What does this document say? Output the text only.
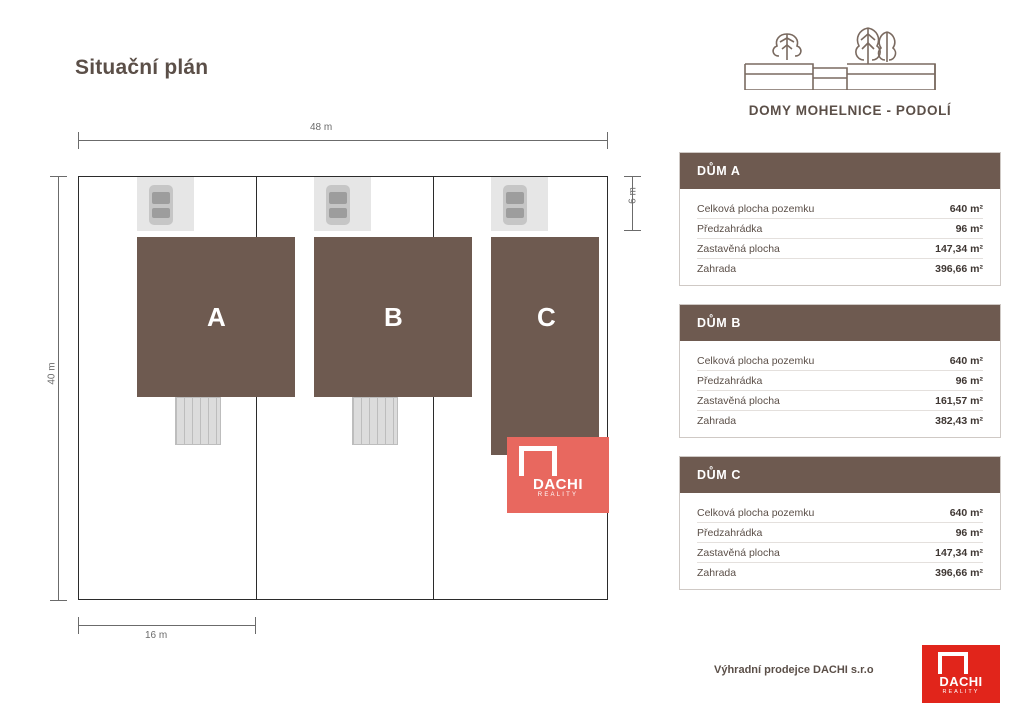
Situační plán
48 m
40 m
6 m
16 m
A	B	C
DACHI
REALITY
DOMY MOHELNICE - PODOLÍ
DŮM A
Celková plocha pozemku	640 m²
Předzahrádka	96 m²
Zastavěná plocha	147,34 m²
Zahrada	396,66 m²
DŮM B
Celková plocha pozemku	640 m²
Předzahrádka	96 m²
Zastavěná plocha	161,57 m²
Zahrada	382,43 m²
DŮM C
Celková plocha pozemku	640 m²
Předzahrádka	96 m²
Zastavěná plocha	147,34 m²
Zahrada	396,66 m²
Výhradní prodejce DACHI s.r.o
DACHI
REALITY
